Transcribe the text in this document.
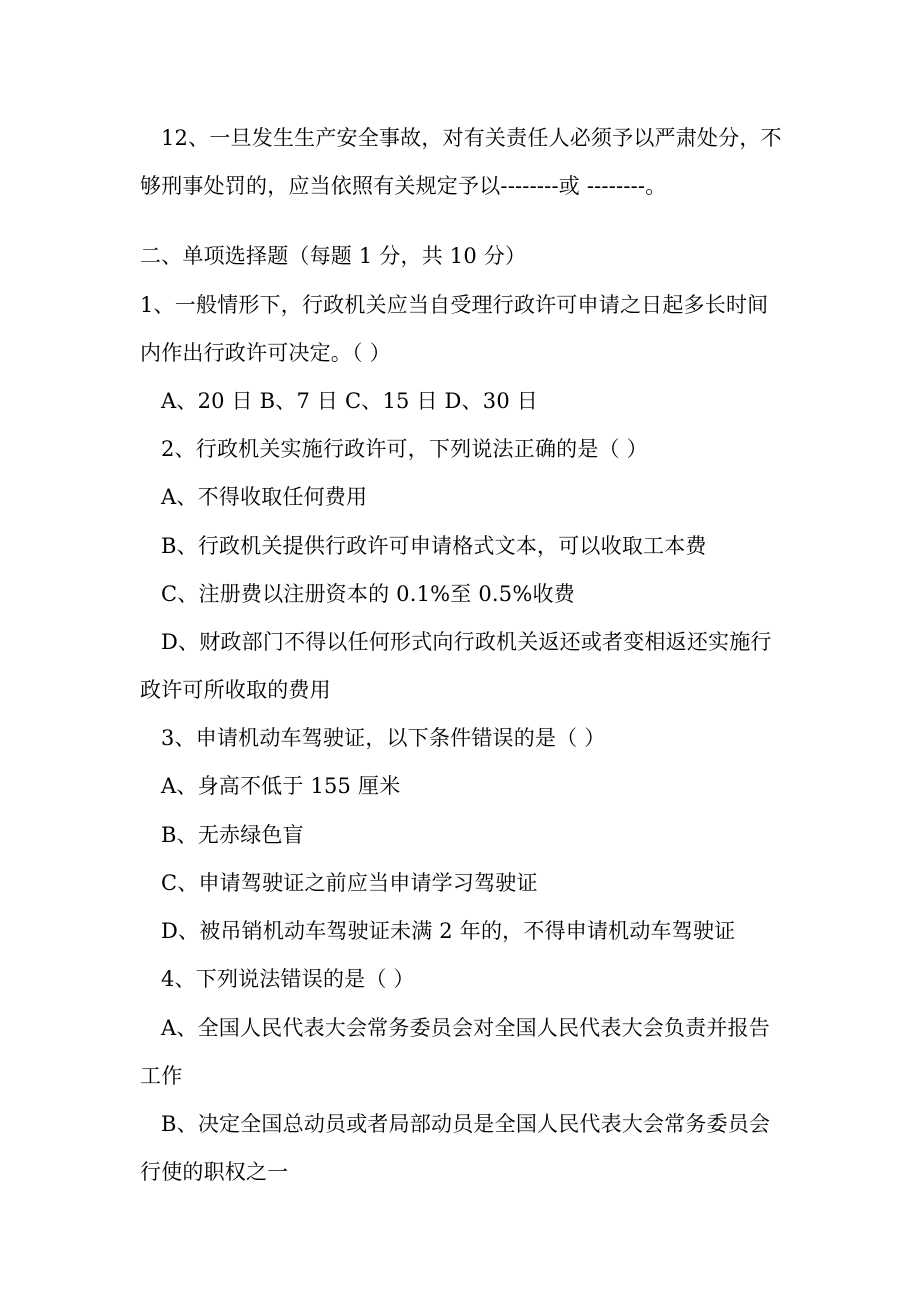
12、一旦发生生产安全事故，对有关责任人必须予以严肃处分，不
够刑事处罚的，应当依照有关规定予以--------或 --------。
二、单项选择题（每题 1 分，共 10 分）
1、一般情形下，行政机关应当自受理行政许可申请之日起多长时间
内作出行政许可决定。（ ）
A、20 日 B、7 日 C、15 日 D、30 日
2、行政机关实施行政许可，下列说法正确的是（ ）
A、不得收取任何费用
B、行政机关提供行政许可申请格式文本，可以收取工本费
C、注册费以注册资本的 0.1%至 0.5%收费
D、财政部门不得以任何形式向行政机关返还或者变相返还实施行
政许可所收取的费用
3、申请机动车驾驶证，以下条件错误的是（ ）
A、身高不低于 155 厘米
B、无赤绿色盲
C、申请驾驶证之前应当申请学习驾驶证
D、被吊销机动车驾驶证未满 2 年的，不得申请机动车驾驶证
4、下列说法错误的是（ ）
A、全国人民代表大会常务委员会对全国人民代表大会负责并报告
工作
B、决定全国总动员或者局部动员是全国人民代表大会常务委员会
行使的职权之一
